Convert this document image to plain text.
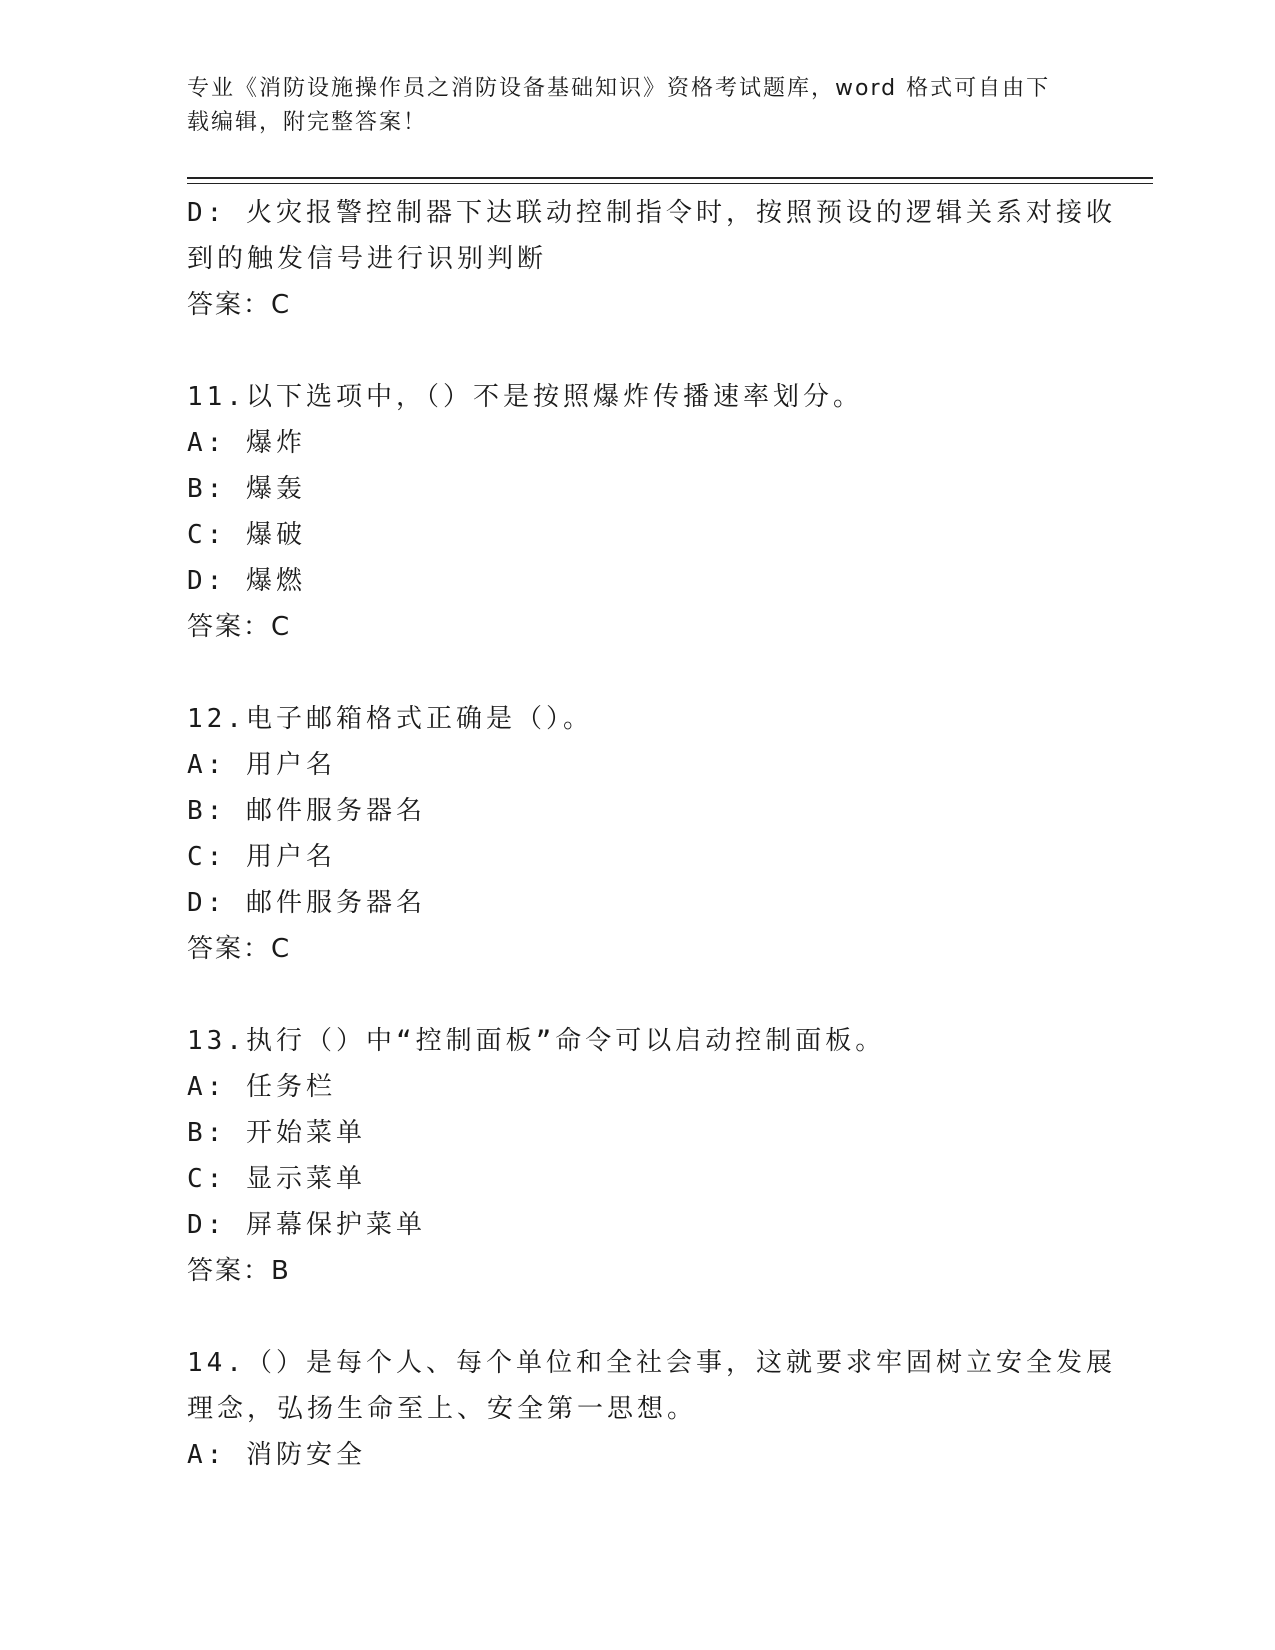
专业《消防设施操作员之消防设备基础知识》资格考试题库，word 格式可自由下
载编辑，附完整答案！
D: 火灾报警控制器下达联动控制指令时，按照预设的逻辑关系对接收
到的触发信号进行识别判断
答案：C
11.以下选项中，（）不是按照爆炸传播速率划分。
A: 爆炸
B: 爆轰
C: 爆破
D: 爆燃
答案：C
12.电子邮箱格式正确是（）。
A: 用户名
B: 邮件服务器名
C: 用户名
D: 邮件服务器名
答案：C
13.执行（）中“控制面板”命令可以启动控制面板。
A: 任务栏
B: 开始菜单
C: 显示菜单
D: 屏幕保护菜单
答案：B
14.（）是每个人、每个单位和全社会事，这就要求牢固树立安全发展
理念，弘扬生命至上、安全第一思想。
A: 消防安全
